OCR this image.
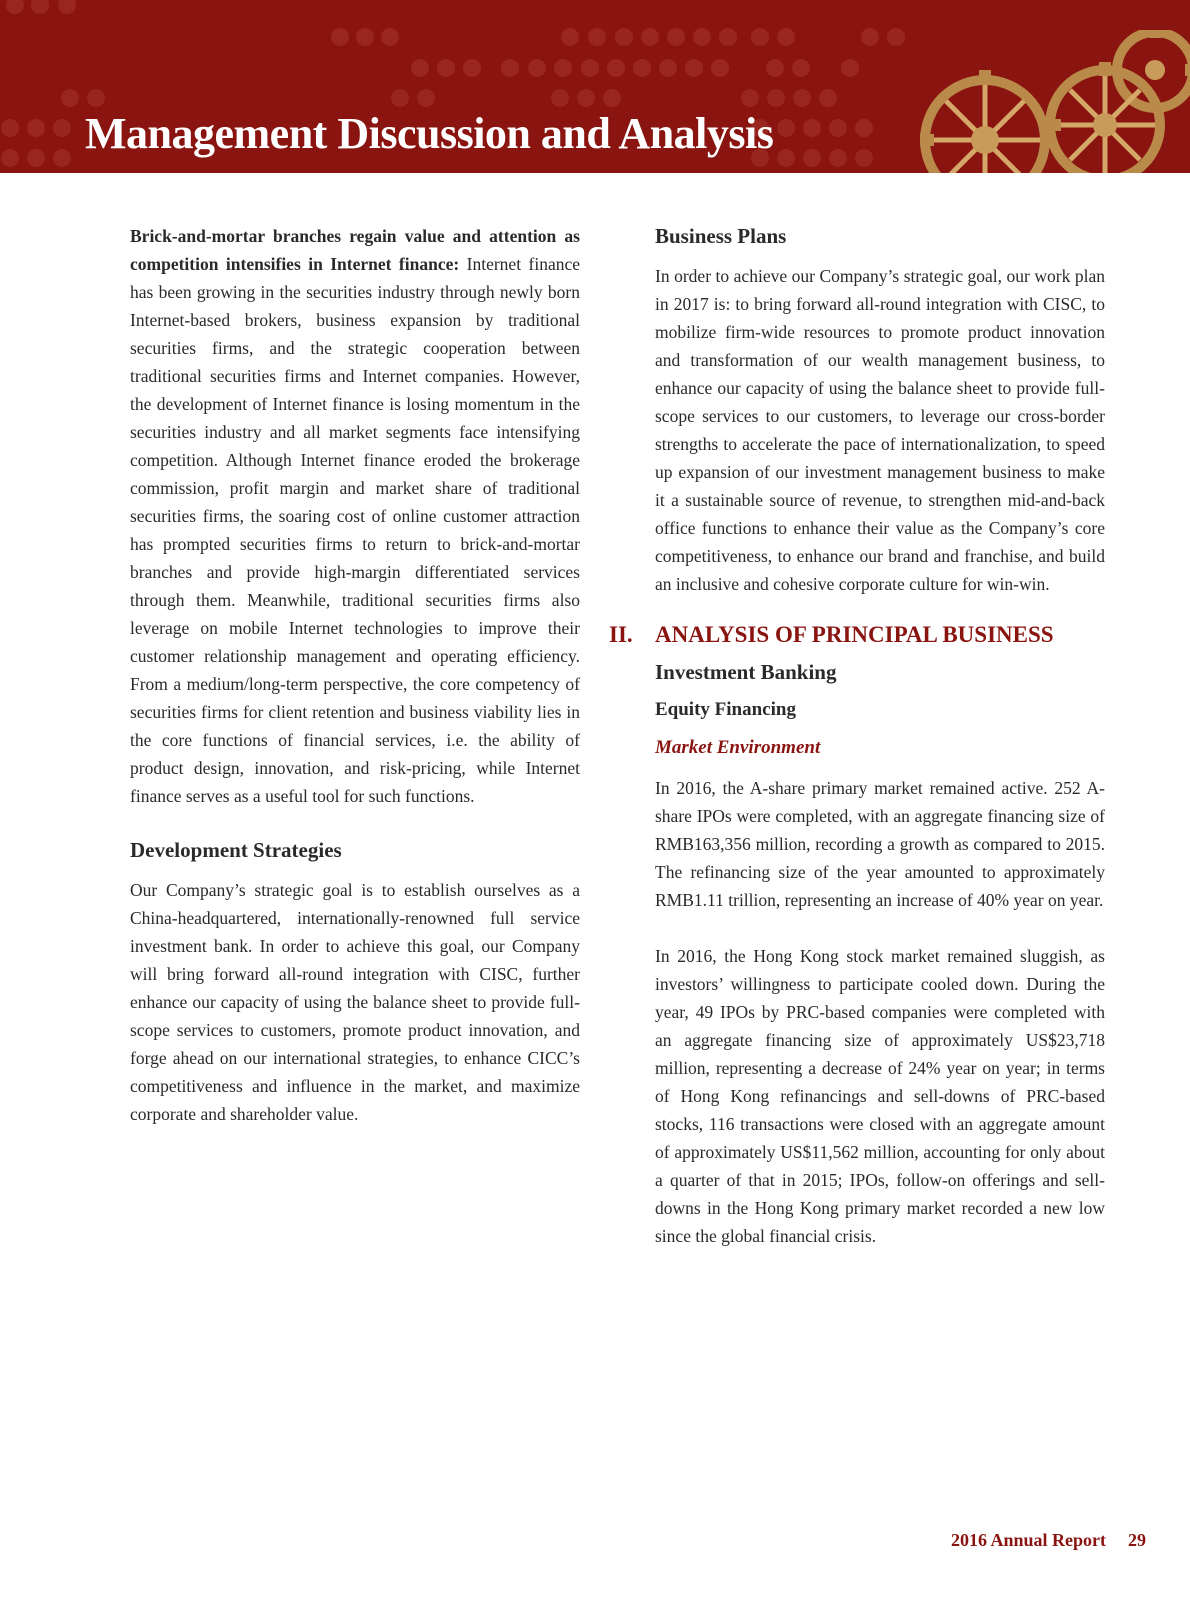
Management Discussion and Analysis

Brick-and-mortar branches regain value and attention as competition intensifies in Internet finance: Internet finance has been growing in the securities industry through newly born Internet-based brokers, business expansion by traditional securities firms, and the strategic cooperation between traditional securities firms and Internet companies. However, the development of Internet finance is losing momentum in the securities industry and all market segments face intensifying competition. Although Internet finance eroded the brokerage commission, profit margin and market share of traditional securities firms, the soaring cost of online customer attraction has prompted securities firms to return to brick-and-mortar branches and provide high-margin differentiated services through them. Meanwhile, traditional securities firms also leverage on mobile Internet technologies to improve their customer relationship management and operating efficiency. From a medium/long-term perspective, the core competency of securities firms for client retention and business viability lies in the core functions of financial services, i.e. the ability of product design, innovation, and risk-pricing, while Internet finance serves as a useful tool for such functions.

Development Strategies

Our Company’s strategic goal is to establish ourselves as a China-headquartered, internationally-renowned full service investment bank. In order to achieve this goal, our Company will bring forward all-round integration with CISC, further enhance our capacity of using the balance sheet to provide full-scope services to customers, promote product innovation, and forge ahead on our international strategies, to enhance CICC’s competitiveness and influence in the market, and maximize corporate and shareholder value.

Business Plans

In order to achieve our Company’s strategic goal, our work plan in 2017 is: to bring forward all-round integration with CISC, to mobilize firm-wide resources to promote product innovation and transformation of our wealth management business, to enhance our capacity of using the balance sheet to provide full-scope services to our customers, to leverage our cross-border strengths to accelerate the pace of internationalization, to speed up expansion of our investment management business to make it a sustainable source of revenue, to strengthen mid-and-back office functions to enhance their value as the Company’s core competitiveness, to enhance our brand and franchise, and build an inclusive and cohesive corporate culture for win-win.

II. ANALYSIS OF PRINCIPAL BUSINESS
Investment Banking
Equity Financing
Market Environment

In 2016, the A-share primary market remained active. 252 A-share IPOs were completed, with an aggregate financing size of RMB163,356 million, recording a growth as compared to 2015. The refinancing size of the year amounted to approximately RMB1.11 trillion, representing an increase of 40% year on year.

In 2016, the Hong Kong stock market remained sluggish, as investors’ willingness to participate cooled down. During the year, 49 IPOs by PRC-based companies were completed with an aggregate financing size of approximately US$23,718 million, representing a decrease of 24% year on year; in terms of Hong Kong refinancings and sell-downs of PRC-based stocks, 116 transactions were closed with an aggregate amount of approximately US$11,562 million, accounting for only about a quarter of that in 2015; IPOs, follow-on offerings and sell-downs in the Hong Kong primary market recorded a new low since the global financial crisis.

2016 Annual Report 29
